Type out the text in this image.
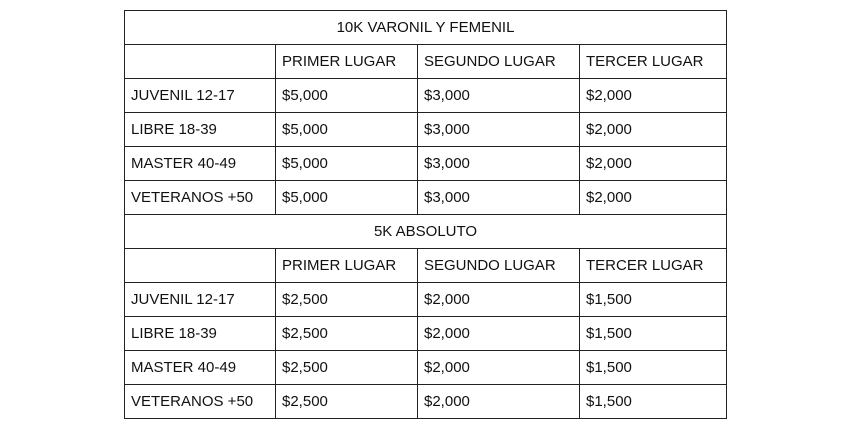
10K VARONIL Y FEMENIL			
	PRIMER LUGAR	SEGUNDO LUGAR	TERCER LUGAR
JUVENIL 12-17	$5,000	$3,000	$2,000
LIBRE 18-39	$5,000	$3,000	$2,000
MASTER 40-49	$5,000	$3,000	$2,000
VETERANOS +50	$5,000	$3,000	$2,000
5K ABSOLUTO			
	PRIMER LUGAR	SEGUNDO LUGAR	TERCER LUGAR
JUVENIL 12-17	$2,500	$2,000	$1,500
LIBRE 18-39	$2,500	$2,000	$1,500
MASTER 40-49	$2,500	$2,000	$1,500
VETERANOS +50	$2,500	$2,000	$1,500
